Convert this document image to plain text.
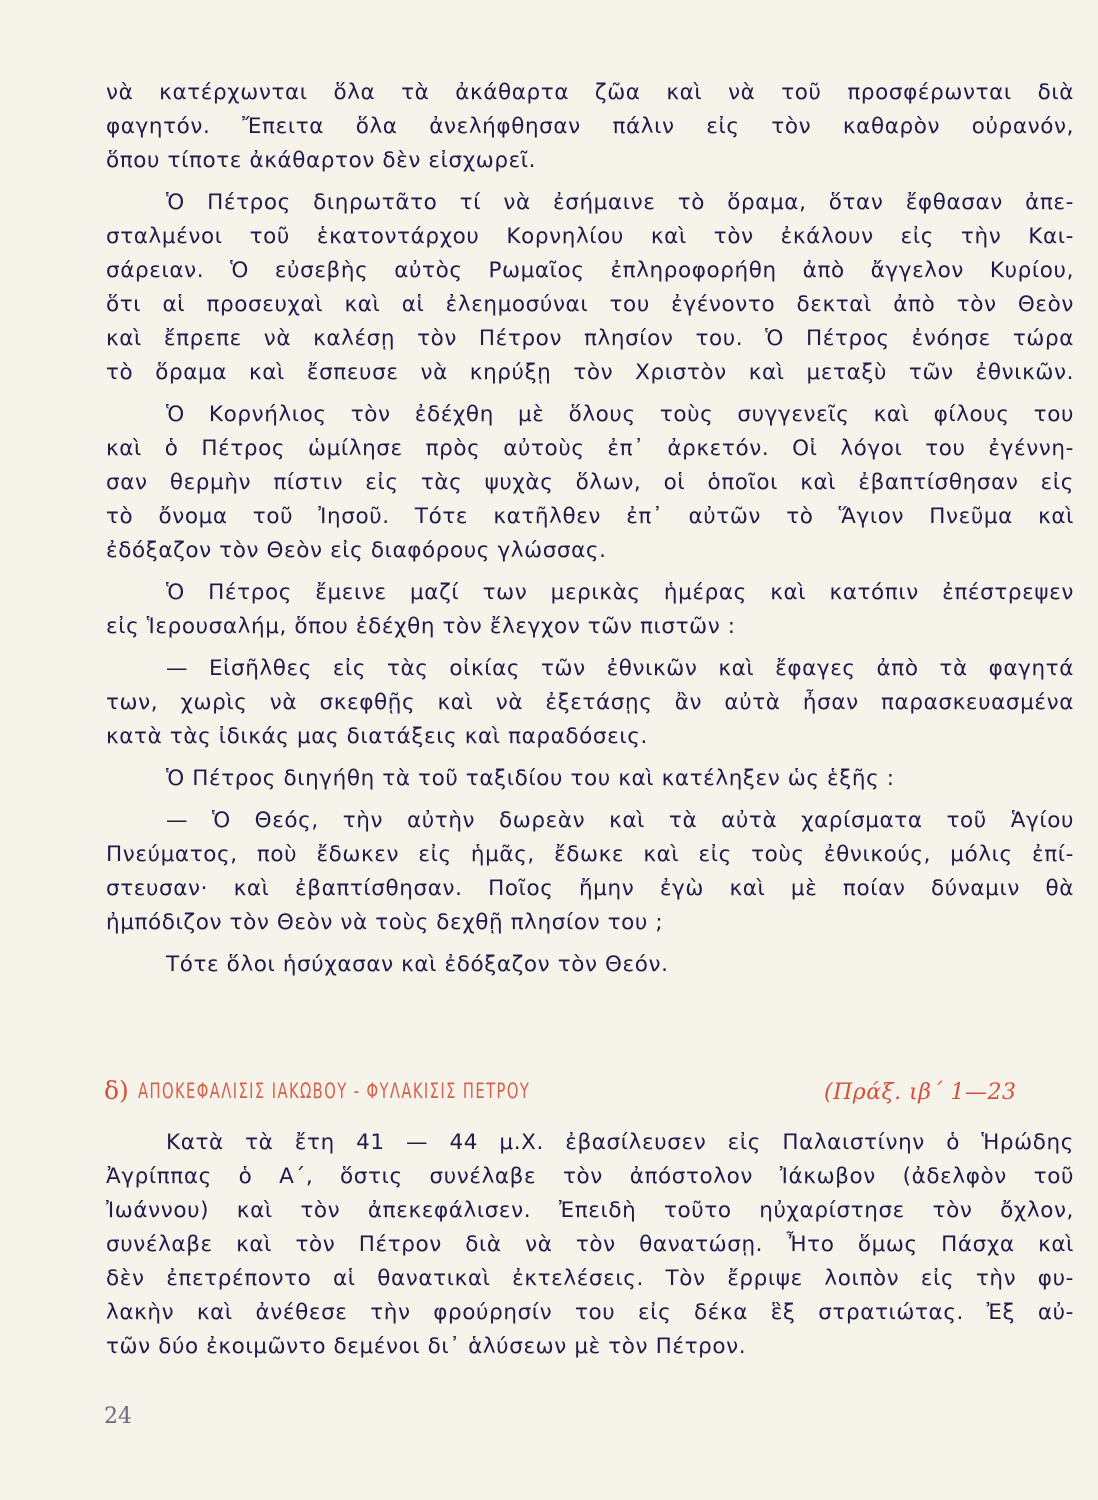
νὰ κατέρχωνται ὅλα τὰ ἀκάθαρτα ζῶα καὶ νὰ τοῦ προσφέρωνται διὰ
φαγητόν. Ἔπειτα ὅλα ἀνελήφθησαν πάλιν εἰς τὸν καθαρὸν οὐρανόν,
ὅπου τίποτε ἀκάθαρτον δὲν εἰσχωρεῖ.
Ὁ Πέτρος διηρωτᾶτο τί νὰ ἐσήμαινε τὸ ὅραμα, ὅταν ἔφθασαν ἀπε-
σταλμένοι τοῦ ἑκατοντάρχου Κορνηλίου καὶ τὸν ἐκάλουν εἰς τὴν Και-
σάρειαν. Ὁ εὐσεβὴς αὐτὸς Ρωμαῖος ἐπληροφορήθη ἀπὸ ἄγγελον Κυρίου,
ὅτι αἱ προσευχαὶ καὶ αἱ ἐλεημοσύναι του ἐγένοντο δεκταὶ ἀπὸ τὸν Θεὸν
καὶ ἔπρεπε νὰ καλέσῃ τὸν Πέτρον πλησίον του. Ὁ Πέτρος ἐνόησε τώρα
τὸ ὅραμα καὶ ἔσπευσε νὰ κηρύξῃ τὸν Χριστὸν καὶ μεταξὺ τῶν ἐθνικῶν.
Ὁ Κορνήλιος τὸν ἐδέχθη μὲ ὅλους τοὺς συγγενεῖς καὶ φίλους του
καὶ ὁ Πέτρος ὡμίλησε πρὸς αὐτοὺς ἐπ᾽ ἀρκετόν. Οἱ λόγοι του ἐγέννη-
σαν θερμὴν πίστιν εἰς τὰς ψυχὰς ὅλων, οἱ ὁποῖοι καὶ ἐβαπτίσθησαν εἰς
τὸ ὄνομα τοῦ Ἰησοῦ. Τότε κατῆλθεν ἐπ᾽ αὐτῶν τὸ Ἅγιον Πνεῦμα καὶ
ἐδόξαζον τὸν Θεὸν εἰς διαφόρους γλώσσας.
Ὁ Πέτρος ἔμεινε μαζί των μερικὰς ἡμέρας καὶ κατόπιν ἐπέστρεψεν
εἰς Ἱερουσαλήμ, ὅπου ἐδέχθη τὸν ἔλεγχον τῶν πιστῶν :
— Εἰσῆλθες εἰς τὰς οἰκίας τῶν ἐθνικῶν καὶ ἔφαγες ἀπὸ τὰ φαγητά
των, χωρὶς νὰ σκεφθῇς καὶ νὰ ἐξετάσῃς ἂν αὐτὰ ἦσαν παρασκευασμένα
κατὰ τὰς ἰδικάς μας διατάξεις καὶ παραδόσεις.
Ὁ Πέτρος διηγήθη τὰ τοῦ ταξιδίου του καὶ κατέληξεν ὡς ἑξῆς :
— Ὁ Θεός, τὴν αὐτὴν δωρεὰν καὶ τὰ αὐτὰ χαρίσματα τοῦ Ἁγίου
Πνεύματος, ποὺ ἔδωκεν εἰς ἡμᾶς, ἔδωκε καὶ εἰς τοὺς ἐθνικούς, μόλις ἐπί-
στευσαν· καὶ ἐβαπτίσθησαν. Ποῖος ἤμην ἐγὼ καὶ μὲ ποίαν δύναμιν θὰ
ἠμπόδιζον τὸν Θεὸν νὰ τοὺς δεχθῇ πλησίον του ;
Τότε ὅλοι ἡσύχασαν καὶ ἐδόξαζον τὸν Θεόν.
δ) ΑΠΟΚΕΦΑΛΙΣΙΣ ΙΑΚΩΒΟΥ - ΦΥΛΑΚΙΣΙΣ ΠΕΤΡΟΥ	(Πράξ. ιβ´ 1—23
Κατὰ τὰ ἔτη 41 — 44 μ.Χ. ἐβασίλευσεν εἰς Παλαιστίνην ὁ Ἡρώδης
Ἀγρίππας ὁ Α´, ὅστις συνέλαβε τὸν ἀπόστολον Ἰάκωβον (ἀδελφὸν τοῦ
Ἰωάννου) καὶ τὸν ἀπεκεφάλισεν. Ἐπειδὴ τοῦτο ηὐχαρίστησε τὸν ὄχλον,
συνέλαβε καὶ τὸν Πέτρον διὰ νὰ τὸν θανατώσῃ. Ἦτο ὅμως Πάσχα καὶ
δὲν ἐπετρέποντο αἱ θανατικαὶ ἐκτελέσεις. Τὸν ἔρριψε λοιπὸν εἰς τὴν φυ-
λακὴν καὶ ἀνέθεσε τὴν φρούρησίν του εἰς δέκα ἓξ στρατιώτας. Ἐξ αὐ-
τῶν δύο ἐκοιμῶντο δεμένοι δι᾽ ἁλύσεων μὲ τὸν Πέτρον.
24
